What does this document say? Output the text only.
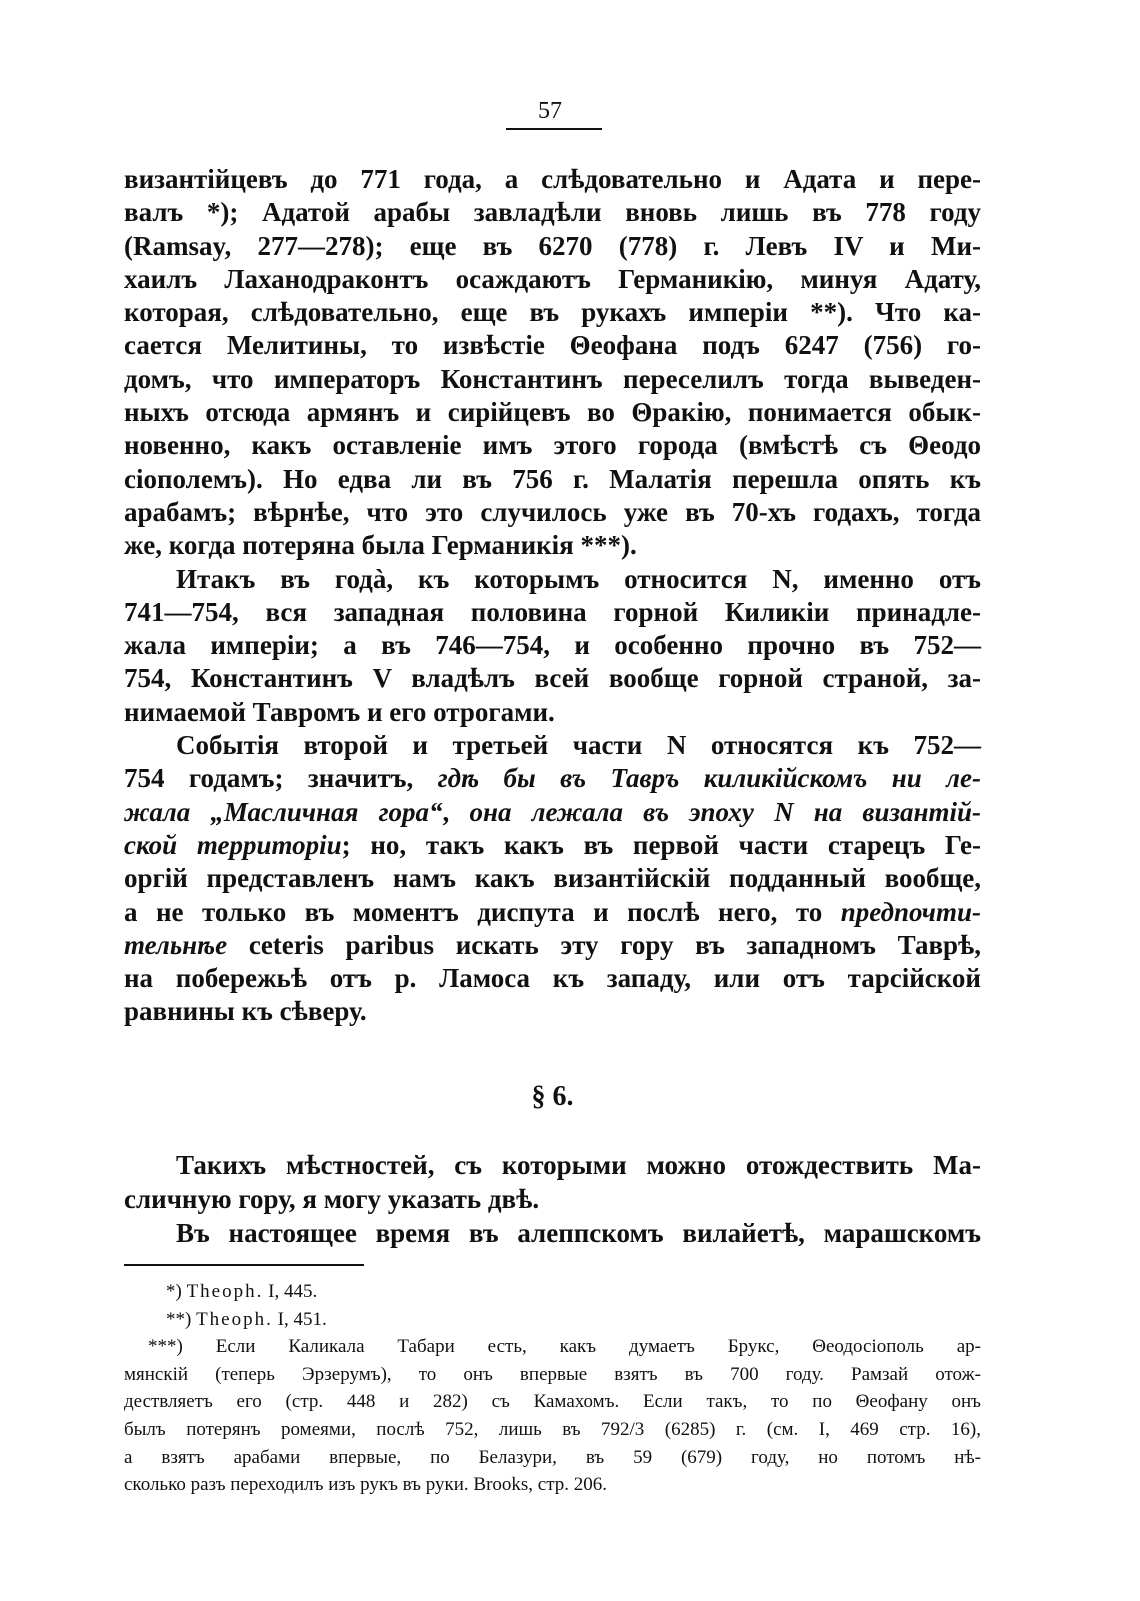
57

византійцевъ до 771 года, а слѣдовательно и Адата и пере-
валъ *); Адатой арабы завладѣли вновь лишь въ 778 году
(Ramsay, 277—278); еще въ 6270 (778) г. Левъ IV и Ми-
хаилъ Лаханодраконтъ осаждаютъ Германикію, минуя Адату,
которая, слѣдовательно, еще въ рукахъ имперіи **). Что ка-
сается Мелитины, то извѣстіе Θеофана подъ 6247 (756) го-
домъ, что императоръ Константинъ переселилъ тогда выведен-
ныхъ отсюда армянъ и сирійцевъ во Θракію, понимается обык-
новенно, какъ оставленіе имъ этого города (вмѣстѣ съ Θеодо
сіополемъ). Но едва ли въ 756 г. Малатія перешла опять къ
арабамъ; вѣрнѣе, что это случилось уже въ 70-хъ годахъ, тогда
же, когда потеряна была Германикія ***).

Итакъ въ годà, къ которымъ относится N, именно отъ
741—754, вся западная половина горной Киликіи принадле-
жала имперіи; а въ 746—754, и особенно прочно въ 752—
754, Константинъ V владѣлъ всей вообще горной страной, за-
нимаемой Тавромъ и его отрогами.

Событія второй и третьей части N относятся къ 752—
754 годамъ; значитъ, гдѣ бы въ Тавръ киликійскомъ ни ле-
жала „Масличная гора“, она лежала въ эпоху N на византій-
ской территоріи; но, такъ какъ въ первой части старецъ Ге-
оргій представленъ намъ какъ византійскій подданный вообще,
а не только въ моментъ диспута и послѣ него, то предпочти-
тельнѣе ceteris paribus искать эту гору въ западномъ Таврѣ,
на побережьѣ отъ р. Ламоса къ западу, или отъ тарсійской
равнины къ сѣверу.

§ 6.

Такихъ мѣстностей, съ которыми можно отождествить Ма-
сличную гору, я могу указать двѣ.

Въ настоящее время въ алеппскомъ вилайетѣ, марашскомъ

*) Theoph. I, 445.
**) Theoph. I, 451.
***) Если Каликала Табари есть, какъ думаетъ Брукс, Θеодосіополь ар-
мянскій (теперь Эрзерумъ), то онъ впервые взятъ въ 700 году. Рамзай отож-
дествляетъ его (стр. 448 и 282) съ Камахомъ. Если такъ, то по Θеофану онъ
былъ потерянъ ромеями, послѣ 752, лишь въ 792/3 (6285) г. (см. I, 469 стр. 16),
а взятъ арабами впервые, по Белазури, въ 59 (679) году, но потомъ нѣ-
сколько разъ переходилъ изъ рукъ въ руки. Brooks, стр. 206.
